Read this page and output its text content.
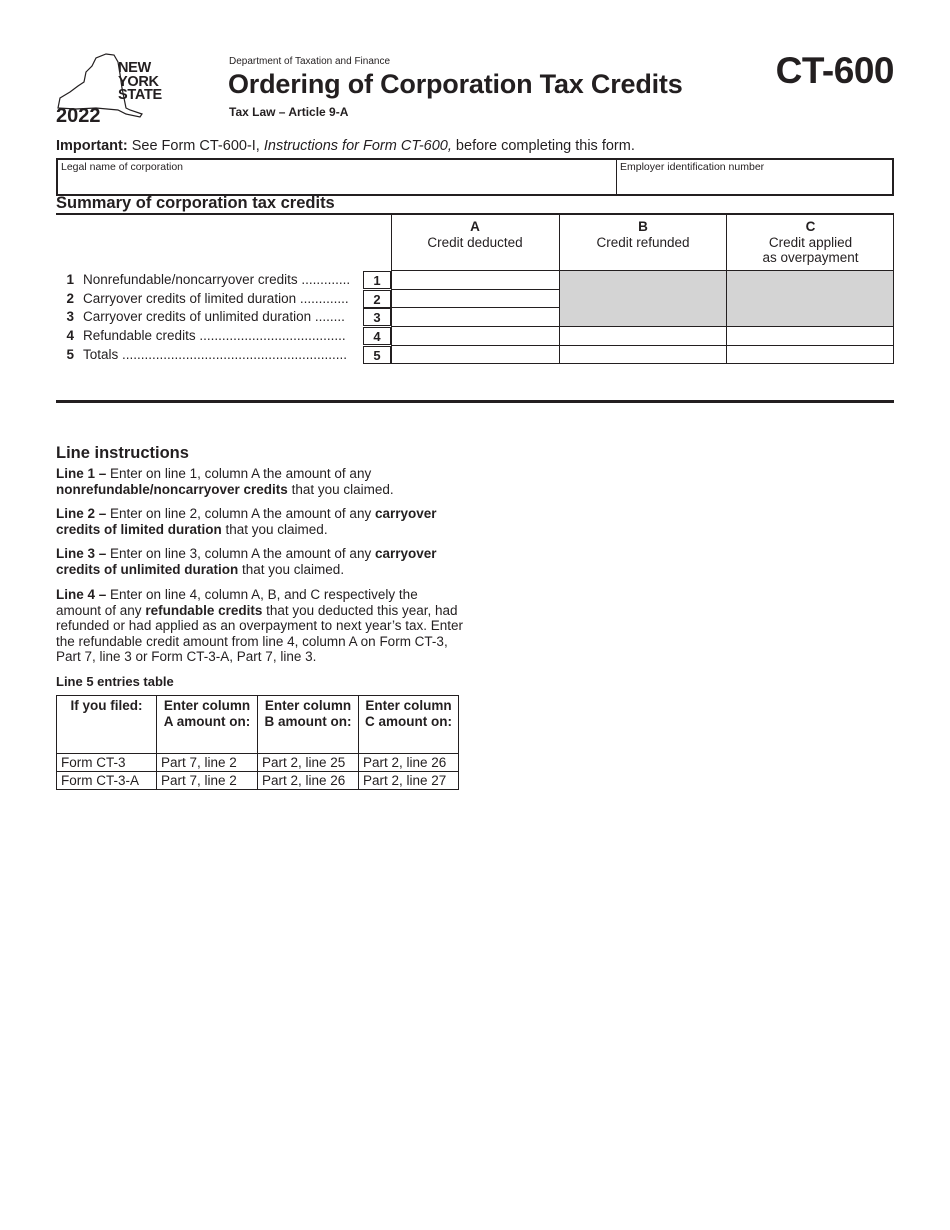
NEW
YORK
STATE
2022
Department of Taxation and Finance
Ordering of Corporation Tax Credits
Tax Law – Article 9-A
CT-600
Important: See Form CT-600-I, Instructions for Form CT-600, before completing this form.
Legal name of corporation	Employer identification number
Summary of corporation tax credits
A
Credit deducted
B
Credit refunded
C
Credit applied
as overpayment
1 Nonrefundable/noncarryover credits .............	1
2 Carryover credits of limited duration .............	2
3 Carryover credits of unlimited duration ........	3
4 Refundable credits .......................................	4
5 Totals ............................................................	5
Line instructions
Line 1 – Enter on line 1, column A the amount of any nonrefundable/noncarryover credits that you claimed.
Line 2 – Enter on line 2, column A the amount of any carryover credits of limited duration that you claimed.
Line 3 – Enter on line 3, column A the amount of any carryover credits of unlimited duration that you claimed.
Line 4 – Enter on line 4, column A, B, and C respectively the amount of any refundable credits that you deducted this year, had refunded or had applied as an overpayment to next year’s tax. Enter the refundable credit amount from line 4, column A on Form CT-3, Part 7, line 3 or Form CT-3-A, Part 7, line 3.
Line 5 entries table
If you filed:	Enter column A amount on:	Enter column B amount on:	Enter column C amount on:
Form CT-3	Part 7, line 2	Part 2, line 25	Part 2, line 26
Form CT-3-A	Part 7, line 2	Part 2, line 26	Part 2, line 27
